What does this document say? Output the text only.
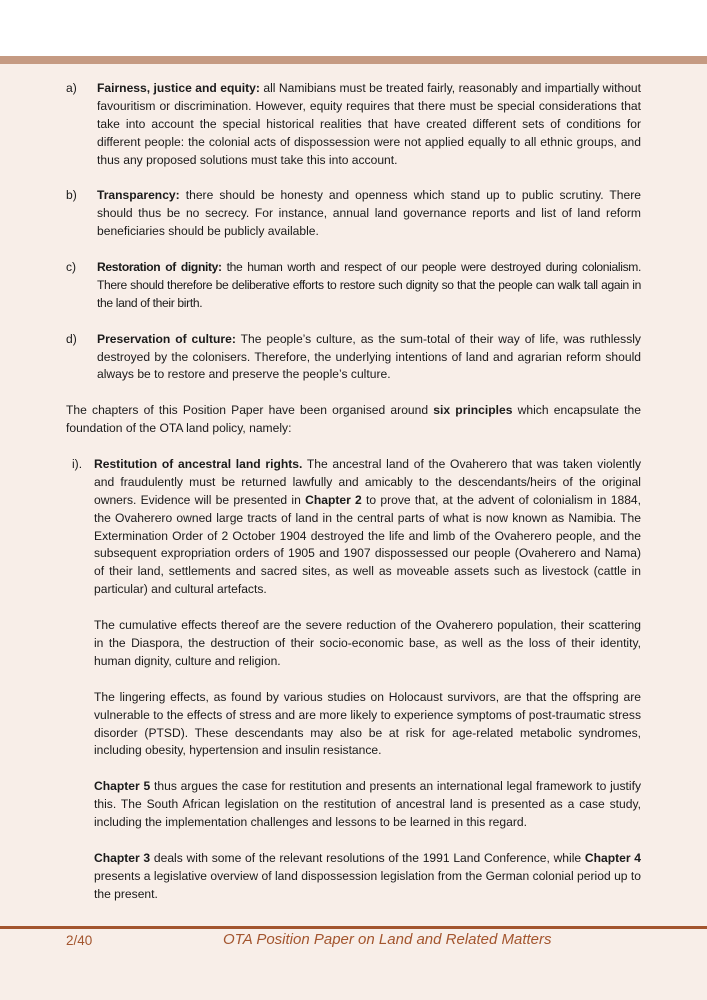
a)	Fairness, justice and equity: all Namibians must be treated fairly, reasonably and impartially without favouritism or discrimination. However, equity requires that there must be special considerations that take into account the special historical realities that have created different sets of conditions for different people: the colonial acts of dispossession were not applied equally to all ethnic groups, and thus any proposed solutions must take this into account.
b)	Transparency: there should be honesty and openness which stand up to public scrutiny. There should thus be no secrecy. For instance, annual land governance reports and list of land reform beneficiaries should be publicly available.
c)	Restoration of dignity: the human worth and respect of our people were destroyed during colonialism. There should therefore be deliberative efforts to restore such dignity so that the people can walk tall again in the land of their birth.
d)	Preservation of culture: The people’s culture, as the sum-total of their way of life, was ruthlessly destroyed by the colonisers. Therefore, the underlying intentions of land and agrarian reform should always be to restore and preserve the people’s culture.

The chapters of this Position Paper have been organised around six principles which encapsulate the foundation of the OTA land policy, namely:

i). Restitution of ancestral land rights. The ancestral land of the Ovaherero that was taken violently and fraudulently must be returned lawfully and amicably to the descendants/heirs of the original owners. Evidence will be presented in Chapter 2 to prove that, at the advent of colonialism in 1884, the Ovaherero owned large tracts of land in the central parts of what is now known as Namibia. The Extermination Order of 2 October 1904 destroyed the life and limb of the Ovaherero people, and the subsequent expropriation orders of 1905 and 1907 dispossessed our people (Ovaherero and Nama) of their land, settlements and sacred sites, as well as moveable assets such as livestock (cattle in particular) and cultural artefacts.

The cumulative effects thereof are the severe reduction of the Ovaherero population, their scattering in the Diaspora, the destruction of their socio-economic base, as well as the loss of their identity, human dignity, culture and religion.

The lingering effects, as found by various studies on Holocaust survivors, are that the offspring are vulnerable to the effects of stress and are more likely to experience symptoms of post-traumatic stress disorder (PTSD). These descendants may also be at risk for age-related metabolic syndromes, including obesity, hypertension and insulin resistance.

Chapter 5 thus argues the case for restitution and presents an international legal framework to justify this. The South African legislation on the restitution of ancestral land is presented as a case study, including the implementation challenges and lessons to be learned in this regard.

Chapter 3 deals with some of the relevant resolutions of the 1991 Land Conference, while Chapter 4 presents a legislative overview of land dispossession legislation from the German colonial period up to the present.

2/40	OTA Position Paper on Land and Related Matters
